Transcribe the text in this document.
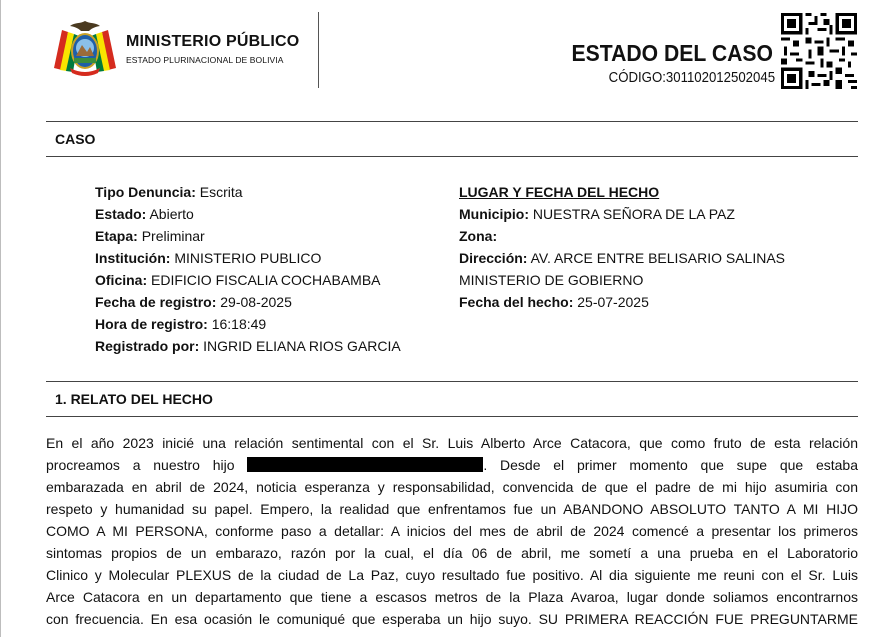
MINISTERIO PÚBLICO
ESTADO PLURINACIONAL DE BOLIVIA	ESTADO DEL CASO
CÓDIGO:301102012502045
CASO
Tipo Denuncia: Escrita
Estado: Abierto
Etapa: Preliminar
Institución: MINISTERIO PUBLICO
Oficina: EDIFICIO FISCALIA COCHABAMBA
Fecha de registro: 29-08-2025
Hora de registro: 16:18:49
Registrado por: INGRID ELIANA RIOS GARCIA
LUGAR Y FECHA DEL HECHO
Municipio: NUESTRA SEÑORA DE LA PAZ
Zona:
Dirección: AV. ARCE ENTRE BELISARIO SALINAS
MINISTERIO DE GOBIERNO
Fecha del hecho: 25-07-2025
1. RELATO DEL HECHO
En el año 2023 inicié una relación sentimental con el Sr. Luis Alberto Arce Catacora, que como fruto de esta relación
procreamos a nuestro hijo	. Desde el primer momento que supe que estaba
embarazada en abril de 2024, noticia esperanza y responsabilidad, convencida de que el padre de mi hijo asumiria con
respeto y humanidad su papel. Empero, la realidad que enfrentamos fue un ABANDONO ABSOLUTO TANTO A MI HIJO
COMO A MI PERSONA, conforme paso a detallar: A inicios del mes de abril de 2024 comencé a presentar los primeros
sintomas propios de un embarazo, razón por la cual, el día 06 de abril, me sometí a una prueba en el Laboratorio
Clinico y Molecular PLEXUS de la ciudad de La Paz, cuyo resultado fue positivo. Al dia siguiente me reuni con el Sr. Luis
Arce Catacora en un departamento que tiene a escasos metros de la Plaza Avaroa, lugar donde soliamos encontrarnos
con frecuencia. En esa ocasión le comuniqué que esperaba un hijo suyo. SU PRIMERA REACCIÓN FUE PREGUNTARME
